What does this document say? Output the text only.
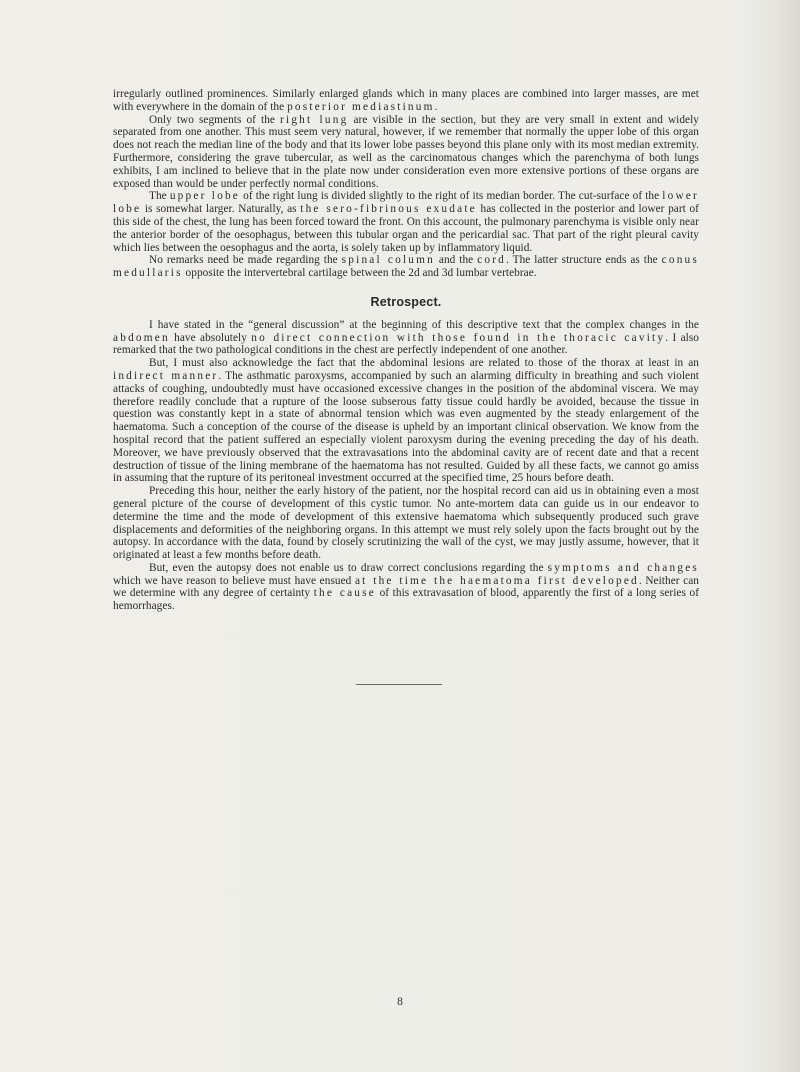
irregularly outlined prominences. Similarly enlarged glands which in many places are combined into larger masses, are met with everywhere in the domain of the posterior mediastinum.

Only two segments of the right lung are visible in the section, but they are very small in extent and widely separated from one another. This must seem very natural, however, if we remember that normally the upper lobe of this organ does not reach the median line of the body and that its lower lobe passes beyond this plane only with its most median extremity. Furthermore, considering the grave tubercular, as well as the carcinomatous changes which the parenchyma of both lungs exhibits, I am inclined to believe that in the plate now under consideration even more extensive portions of these organs are exposed than would be under perfectly normal conditions.

The upper lobe of the right lung is divided slightly to the right of its median border. The cut-surface of the lower lobe is somewhat larger. Naturally, as the sero-fibrinous exudate has collected in the posterior and lower part of this side of the chest, the lung has been forced toward the front. On this account, the pulmonary parenchyma is visible only near the anterior border of the oesophagus, between this tubular organ and the pericardial sac. That part of the right pleural cavity which lies between the oesophagus and the aorta, is solely taken up by inflammatory liquid.

No remarks need be made regarding the spinal column and the cord. The latter structure ends as the conus medullaris opposite the intervertebral cartilage between the 2d and 3d lumbar vertebrae.

Retrospect.

I have stated in the “general discussion” at the beginning of this descriptive text that the complex changes in the abdomen have absolutely no direct connection with those found in the thoracic cavity. I also remarked that the two pathological conditions in the chest are perfectly independent of one another.

But, I must also acknowledge the fact that the abdominal lesions are related to those of the thorax at least in an indirect manner. The asthmatic paroxysms, accompanied by such an alarming difficulty in breathing and such violent attacks of coughing, undoubtedly must have occasioned excessive changes in the position of the abdominal viscera. We may therefore readily conclude that a rupture of the loose subserous fatty tissue could hardly be avoided, because the tissue in question was constantly kept in a state of abnormal tension which was even augmented by the steady enlargement of the haematoma. Such a conception of the course of the disease is upheld by an important clinical observation. We know from the hospital record that the patient suffered an especially violent paroxysm during the evening preceding the day of his death. Moreover, we have previously observed that the extravasations into the abdominal cavity are of recent date and that a recent destruction of tissue of the lining membrane of the haematoma has not resulted. Guided by all these facts, we cannot go amiss in assuming that the rupture of its peritoneal investment occurred at the specified time, 25 hours before death.

Preceding this hour, neither the early history of the patient, nor the hospital record can aid us in obtaining even a most general picture of the course of development of this cystic tumor. No ante-mortem data can guide us in our endeavor to determine the time and the mode of development of this extensive haematoma which subsequently produced such grave displacements and deformities of the neighboring organs. In this attempt we must rely solely upon the facts brought out by the autopsy. In accordance with the data, found by closely scrutinizing the wall of the cyst, we may justly assume, however, that it originated at least a few months before death.

But, even the autopsy does not enable us to draw correct conclusions regarding the symptoms and changes which we have reason to believe must have ensued at the time the haematoma first developed. Neither can we determine with any degree of certainty the cause of this extravasation of blood, apparently the first of a long series of hemorrhages.

8
